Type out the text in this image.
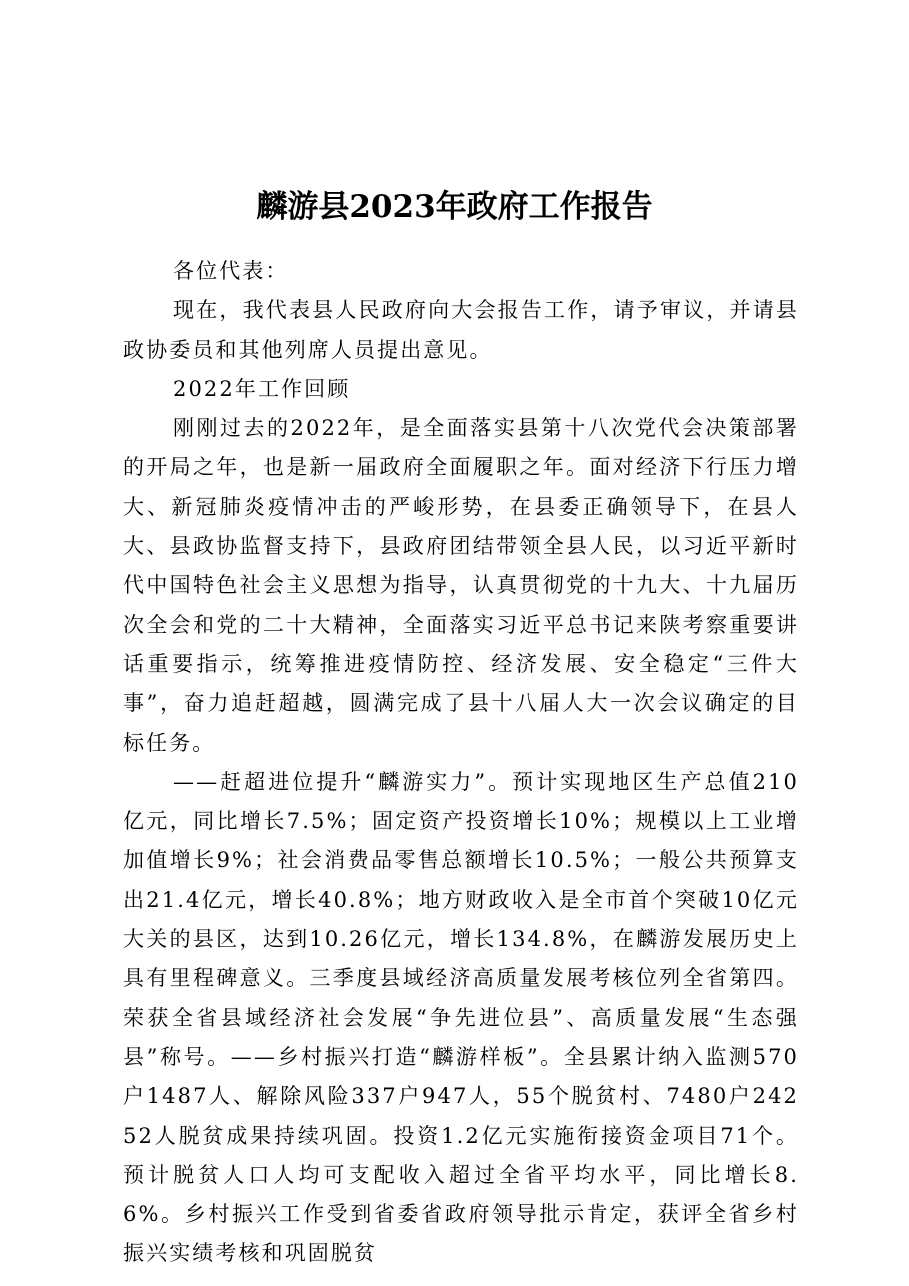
麟游县2023年政府工作报告

各位代表：

现在，我代表县人民政府向大会报告工作，请予审议，并请县政协委员和其他列席人员提出意见。

2022年工作回顾

刚刚过去的2022年，是全面落实县第十八次党代会决策部署的开局之年，也是新一届政府全面履职之年。面对经济下行压力增大、新冠肺炎疫情冲击的严峻形势，在县委正确领导下，在县人大、县政协监督支持下，县政府团结带领全县人民，以习近平新时代中国特色社会主义思想为指导，认真贯彻党的十九大、十九届历次全会和党的二十大精神，全面落实习近平总书记来陕考察重要讲话重要指示，统筹推进疫情防控、经济发展、安全稳定“三件大事”，奋力追赶超越，圆满完成了县十八届人大一次会议确定的目标任务。

——赶超进位提升“麟游实力”。预计实现地区生产总值210亿元，同比增长7.5%；固定资产投资增长10%；规模以上工业增加值增长9%；社会消费品零售总额增长10.5%；一般公共预算支出21.4亿元，增长40.8%；地方财政收入是全市首个突破10亿元大关的县区，达到10.26亿元，增长134.8%，在麟游发展历史上具有里程碑意义。三季度县域经济高质量发展考核位列全省第四。荣获全省县域经济社会发展“争先进位县”、高质量发展“生态强县”称号。——乡村振兴打造“麟游样板”。全县累计纳入监测570户1487人、解除风险337户947人，55个脱贫村、7480户24252人脱贫成果持续巩固。投资1.2亿元实施衔接资金项目71个。预计脱贫人口人均可支配收入超过全省平均水平，同比增长8.6%。乡村振兴工作受到省委省政府领导批示肯定，获评全省乡村振兴实绩考核和巩固脱贫
